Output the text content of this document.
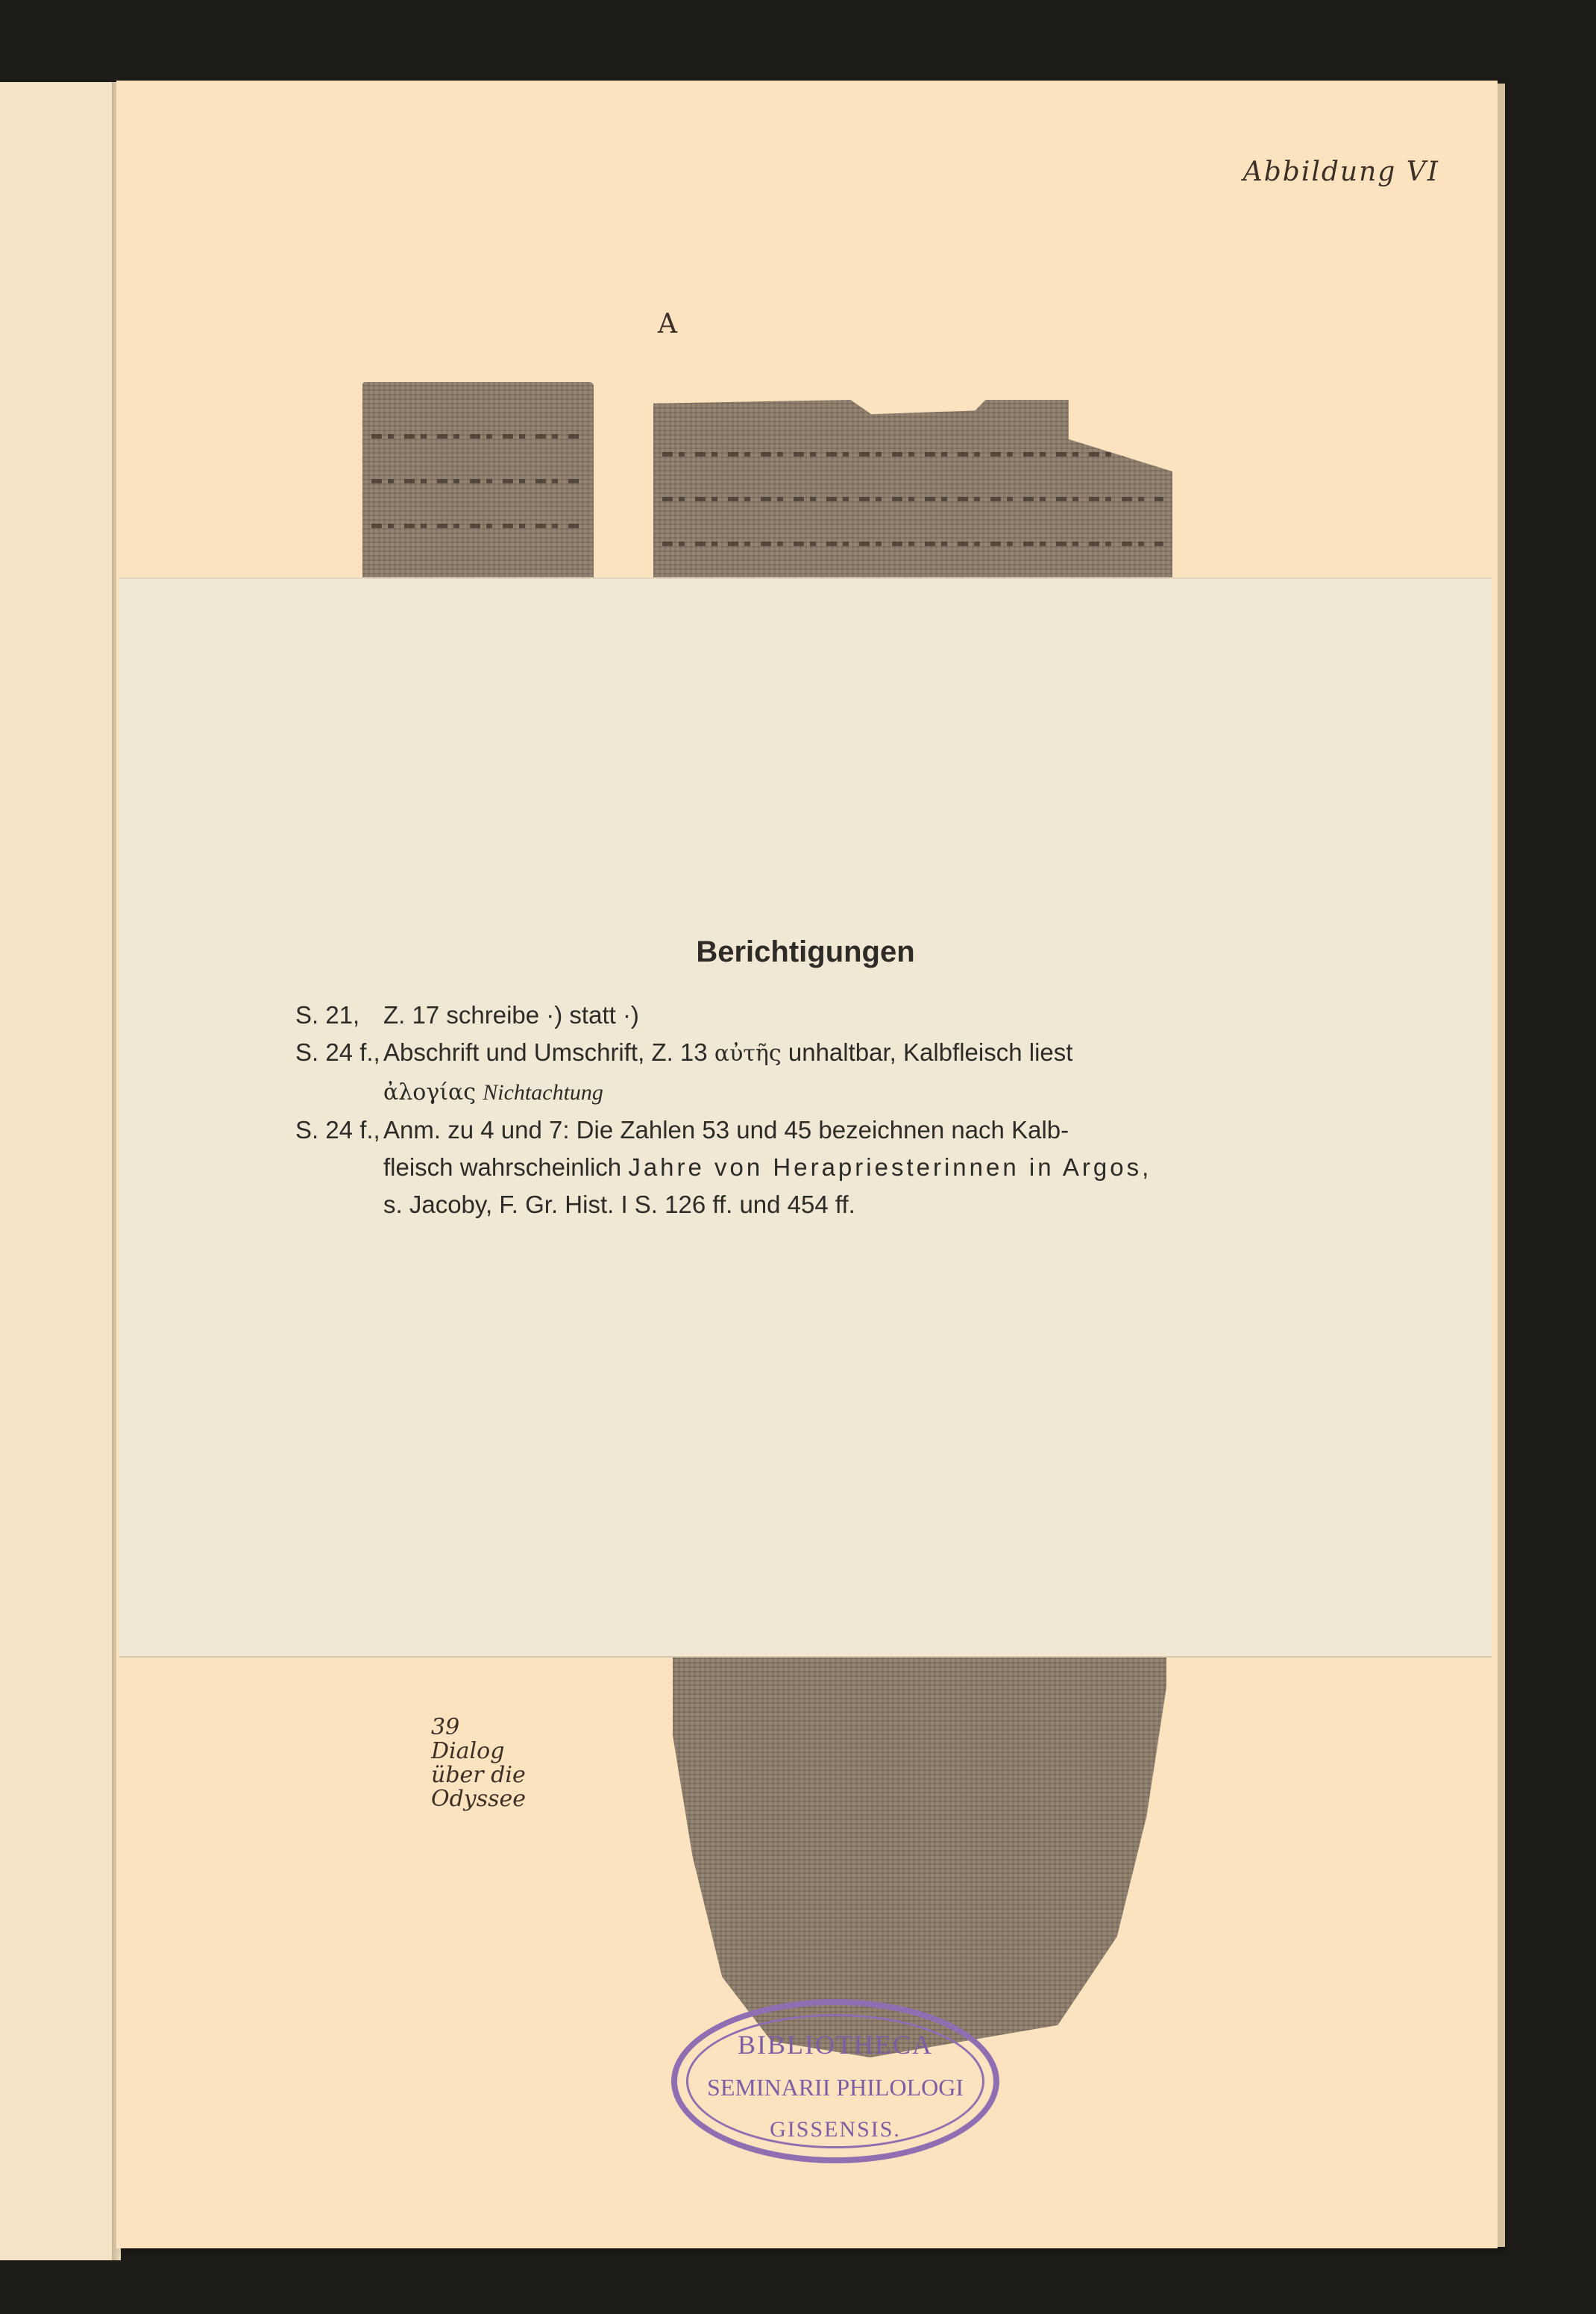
Abbildung VI
A
Berichtigungen
S. 21, Z. 17 schreibe ·) statt ·)
S. 24 f., Abschrift und Umschrift, Z. 13 αὐτῆς unhaltbar, Kalbfleisch liest
ἀλογίας Nichtachtung
S. 24 f., Anm. zu 4 und 7: Die Zahlen 53 und 45 bezeichnen nach Kalb-
fleisch wahrscheinlich Jahre von Herapriesterinnen in Argos,
s. Jacoby, F. Gr. Hist. I S. 126 ff. und 454 ff.
39
Dialog
über die
Odyssee
BIBLIOTHECA
SEMINARII PHILOLOGI
GISSENSIS.
